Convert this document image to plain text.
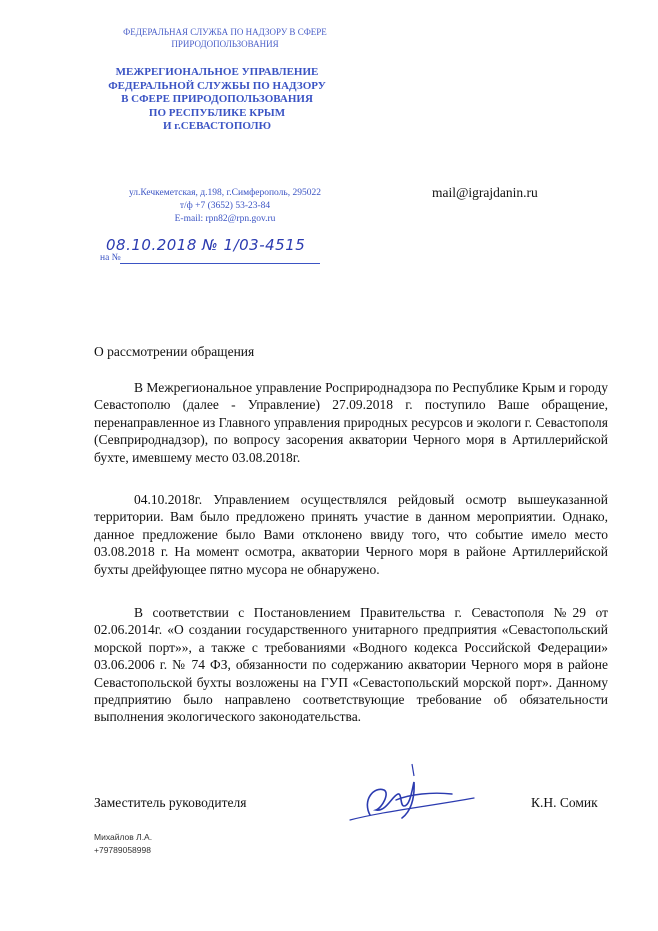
ФЕДЕРАЛЬНАЯ СЛУЖБА ПО НАДЗОРУ В СФЕРЕ
ПРИРОДОПОЛЬЗОВАНИЯ
МЕЖРЕГИОНАЛЬНОЕ УПРАВЛЕНИЕ
ФЕДЕРАЛЬНОЙ СЛУЖБЫ ПО НАДЗОРУ
В СФЕРЕ ПРИРОДОПОЛЬЗОВАНИЯ
ПО РЕСПУБЛИКЕ КРЫМ
И г.СЕВАСТОПОЛЮ
ул.Кечкеметская, д.198, г.Симферополь, 295022
т/ф +7 (3652) 53-23-84
E-mail: rpn82@rpn.gov.ru
mail@igrajdanin.ru
08.10.2018 № 1/03-4515
на №
О рассмотрении обращения
В Межрегиональное управление Росприроднадзора по Республике Крым и городу Севастополю (далее - Управление) 27.09.2018 г. поступило Ваше обращение, перенаправленное из Главного управления природных ресурсов и экологи г. Севастополя (Севприроднадзор), по вопросу засорения акватории Черного моря в Артиллерийской бухте, имевшему место 03.08.2018г.
04.10.2018г. Управлением осуществлялся рейдовый осмотр вышеуказанной территории. Вам было предложено принять участие в данном мероприятии. Однако, данное предложение было Вами отклонено ввиду того, что событие имело место 03.08.2018 г. На момент осмотра, акватории Черного моря в районе Артиллерийской бухты дрейфующее пятно мусора не обнаружено.
В соответствии с Постановлением Правительства г. Севастополя №29 от 02.06.2014г. «О создании государственного унитарного предприятия «Севастопольский морской порт»», а также с требованиями «Водного кодекса Российской Федерации» 03.06.2006 г. № 74 ФЗ, обязанности по содержанию акватории Черного моря в районе Севастопольской бухты возложены на ГУП «Севастопольский морской порт». Данному предприятию было направлено соответствующие требование об обязательности выполнения экологического законодательства.
Заместитель руководителя	К.Н. Сомик
Михайлов Л.А.
+79789058998
